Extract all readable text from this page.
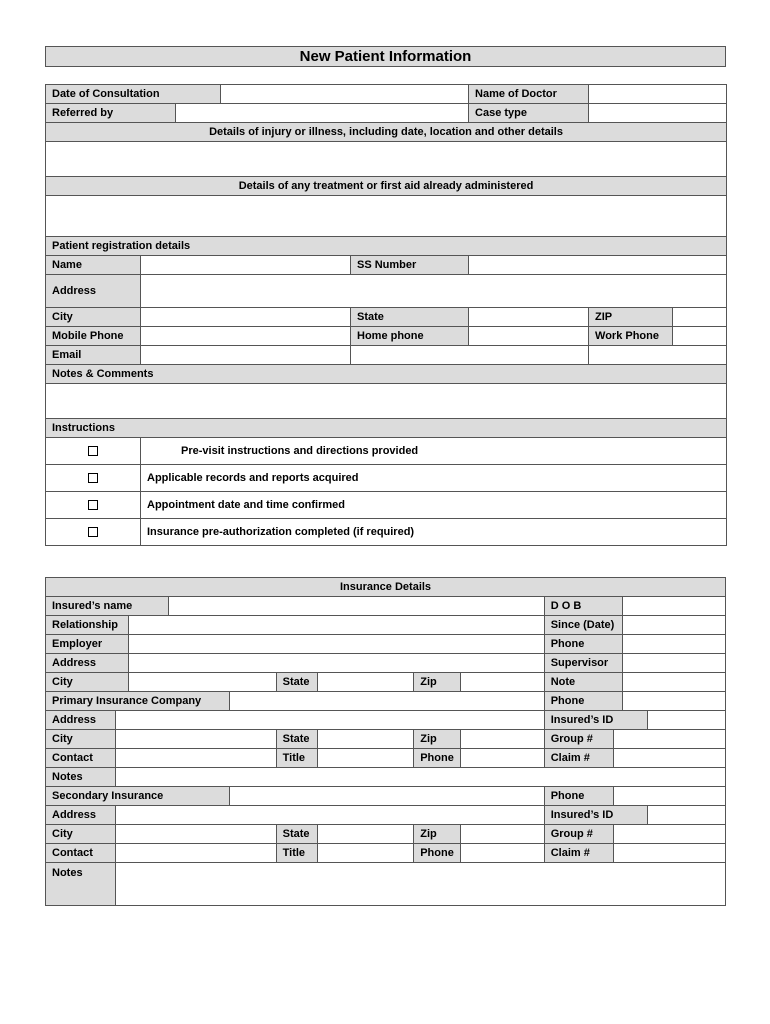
New Patient Information
Date of Consultation					Name of Doctor		
Referred by					Case type		
Details of injury or illness, including date, location and other details							

Details of any treatment or first aid already administered							

Patient registration details							
Name				SS Number			
Address							
City				State		ZIP	
Mobile Phone				Home phone		Work Phone	
Email							
Notes & Comments							

Instructions							
	Pre-visit instructions and directions provided						
	Applicable records and reports acquired						
	Appointment date and time confirmed						
	Insurance pre-authorization completed (if required)						
Insurance Details												
Insured’s name									D O B			
Relationship									Since (Date)			
Employer									Phone			
Address									Supervisor			
City					State		Zip		Note			
Primary Insurance Company									Phone			
Address									Insured’s ID			
City					State		Zip		Group #			
Contact					Title		Phone		Claim #			
Notes												
Secondary Insurance									Phone			
Address									Insured’s ID			
City					State		Zip		Group #			
Contact					Title		Phone		Claim #			
Notes												
